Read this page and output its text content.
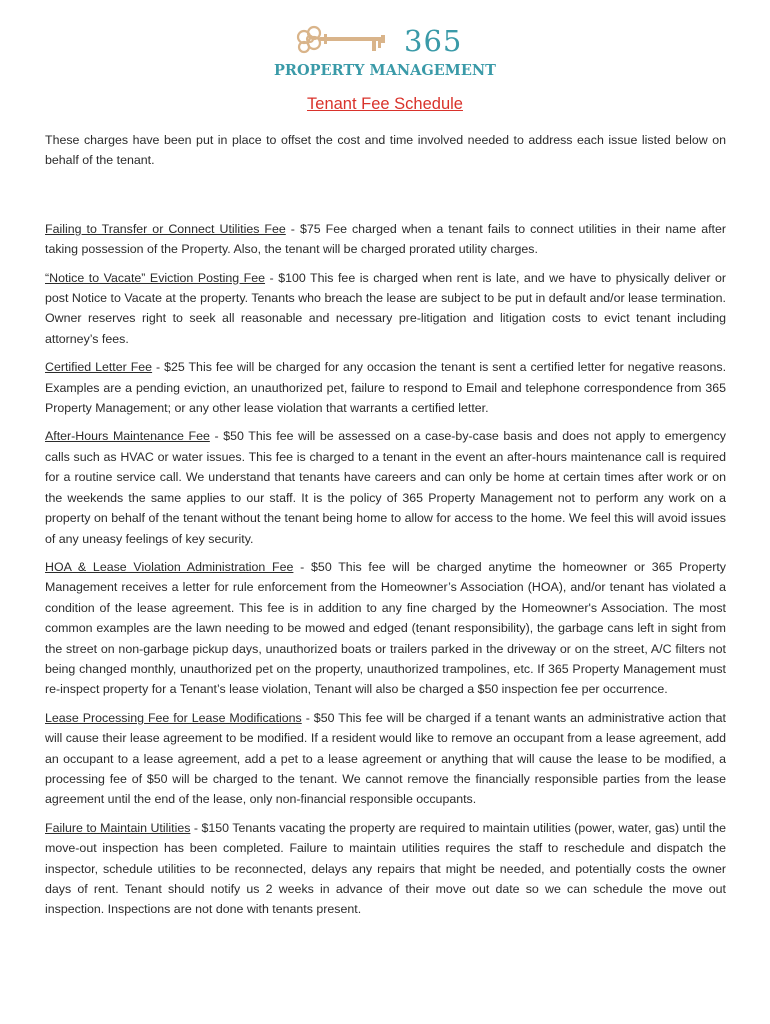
365
PROPERTY MANAGEMENT
Tenant Fee Schedule

These charges have been put in place to offset the cost and time involved needed to address each issue listed below on behalf of the tenant.

Failing to Transfer or Connect Utilities Fee - $75 Fee charged when a tenant fails to connect utilities in their name after taking possession of the Property. Also, the tenant will be charged prorated utility charges.

“Notice to Vacate” Eviction Posting Fee - $100 This fee is charged when rent is late, and we have to physically deliver or post Notice to Vacate at the property. Tenants who breach the lease are subject to be put in default and/or lease termination. Owner reserves right to seek all reasonable and necessary pre-litigation and litigation costs to evict tenant including attorney’s fees.

Certified Letter Fee - $25 This fee will be charged for any occasion the tenant is sent a certified letter for negative reasons. Examples are a pending eviction, an unauthorized pet, failure to respond to Email and telephone correspondence from 365 Property Management; or any other lease violation that warrants a certified letter.

After-Hours Maintenance Fee - $50 This fee will be assessed on a case-by-case basis and does not apply to emergency calls such as HVAC or water issues. This fee is charged to a tenant in the event an after-hours maintenance call is required for a routine service call. We understand that tenants have careers and can only be home at certain times after work or on the weekends the same applies to our staff. It is the policy of 365 Property Management not to perform any work on a property on behalf of the tenant without the tenant being home to allow for access to the home. We feel this will avoid issues of any uneasy feelings of key security.

HOA & Lease Violation Administration Fee - $50 This fee will be charged anytime the homeowner or 365 Property Management receives a letter for rule enforcement from the Homeowner’s Association (HOA), and/or tenant has violated a condition of the lease agreement. This fee is in addition to any fine charged by the Homeowner's Association. The most common examples are the lawn needing to be mowed and edged (tenant responsibility), the garbage cans left in sight from the street on non-garbage pickup days, unauthorized boats or trailers parked in the driveway or on the street, A/C filters not being changed monthly, unauthorized pet on the property, unauthorized trampolines, etc. If 365 Property Management must re-inspect property for a Tenant’s lease violation, Tenant will also be charged a $50 inspection fee per occurrence.

Lease Processing Fee for Lease Modifications - $50 This fee will be charged if a tenant wants an administrative action that will cause their lease agreement to be modified. If a resident would like to remove an occupant from a lease agreement, add an occupant to a lease agreement, add a pet to a lease agreement or anything that will cause the lease to be modified, a processing fee of $50 will be charged to the tenant. We cannot remove the financially responsible parties from the lease agreement until the end of the lease, only non-financial responsible occupants.

Failure to Maintain Utilities - $150 Tenants vacating the property are required to maintain utilities (power, water, gas) until the move-out inspection has been completed. Failure to maintain utilities requires the staff to reschedule and dispatch the inspector, schedule utilities to be reconnected, delays any repairs that might be needed, and potentially costs the owner days of rent. Tenant should notify us 2 weeks in advance of their move out date so we can schedule the move out inspection. Inspections are not done with tenants present.
